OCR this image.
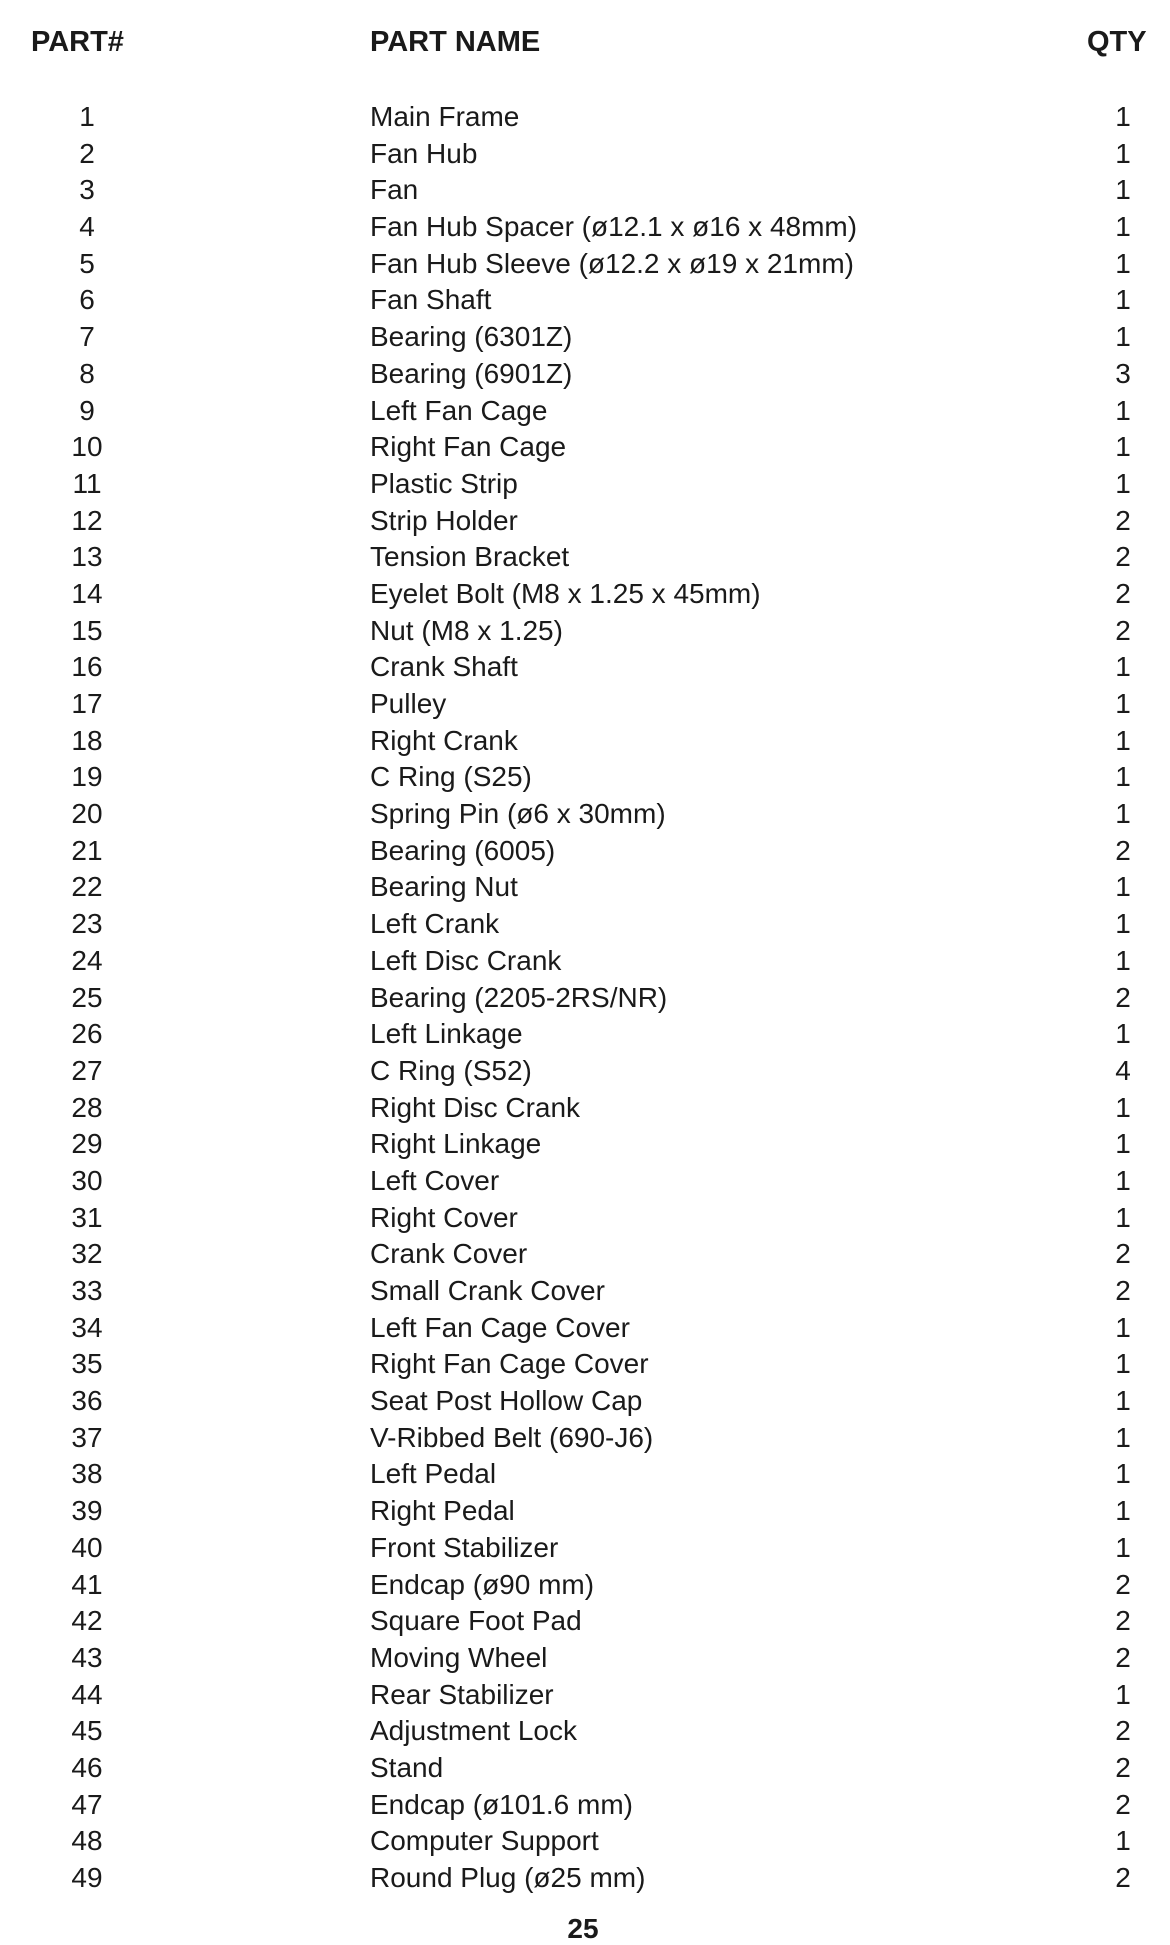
PART#	PART NAME	QTY
1	Main Frame	1
2	Fan Hub	1
3	Fan	1
4	Fan Hub Spacer (ø12.1 x ø16 x 48mm)	1
5	Fan Hub Sleeve (ø12.2 x ø19 x 21mm)	1
6	Fan Shaft	1
7	Bearing (6301Z)	1
8	Bearing (6901Z)	3
9	Left Fan Cage	1
10	Right Fan Cage	1
11	Plastic Strip	1
12	Strip Holder	2
13	Tension Bracket	2
14	Eyelet Bolt (M8 x 1.25 x 45mm)	2
15	Nut (M8 x 1.25)	2
16	Crank Shaft	1
17	Pulley	1
18	Right Crank	1
19	C Ring (S25)	1
20	Spring Pin (ø6 x 30mm)	1
21	Bearing (6005)	2
22	Bearing Nut	1
23	Left Crank	1
24	Left Disc Crank	1
25	Bearing (2205-2RS/NR)	2
26	Left Linkage	1
27	C Ring (S52)	4
28	Right Disc Crank	1
29	Right Linkage	1
30	Left Cover	1
31	Right Cover	1
32	Crank Cover	2
33	Small Crank Cover	2
34	Left Fan Cage Cover	1
35	Right Fan Cage Cover	1
36	Seat Post Hollow Cap	1
37	V-Ribbed Belt (690-J6)	1
38	Left Pedal	1
39	Right Pedal	1
40	Front Stabilizer	1
41	Endcap (ø90 mm)	2
42	Square Foot Pad	2
43	Moving Wheel	2
44	Rear Stabilizer	1
45	Adjustment Lock	2
46	Stand	2
47	Endcap (ø101.6 mm)	2
48	Computer Support	1
49	Round Plug (ø25 mm)	2
25
